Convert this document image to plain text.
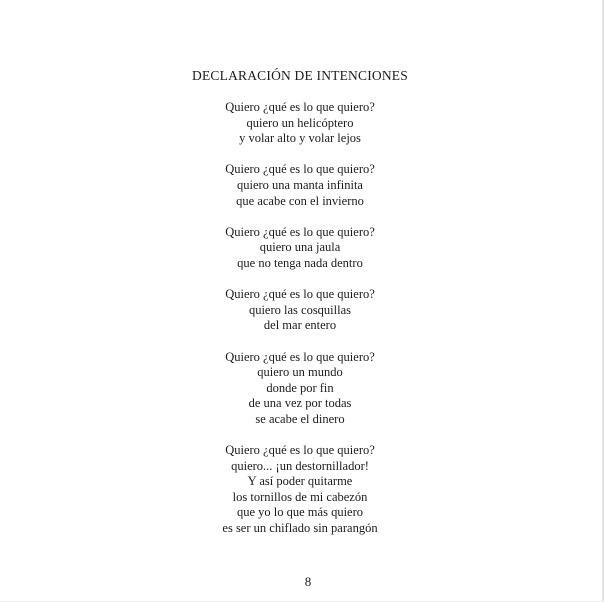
DECLARACIÓN DE INTENCIONES
Quiero ¿qué es lo que quiero?
quiero un helicóptero
y volar alto y volar lejos
Quiero ¿qué es lo que quiero?
quiero una manta infinita
que acabe con el invierno
Quiero ¿qué es lo que quiero?
quiero una jaula
que no tenga nada dentro
Quiero ¿qué es lo que quiero?
quiero las cosquillas
del mar entero
Quiero ¿qué es lo que quiero?
quiero un mundo
donde por fin
de una vez por todas
se acabe el dinero
Quiero ¿qué es lo que quiero?
quiero... ¡un destornillador!
Y así poder quitarme
los tornillos de mi cabezón
que yo lo que más quiero
es ser un chiflado sin parangón
8
